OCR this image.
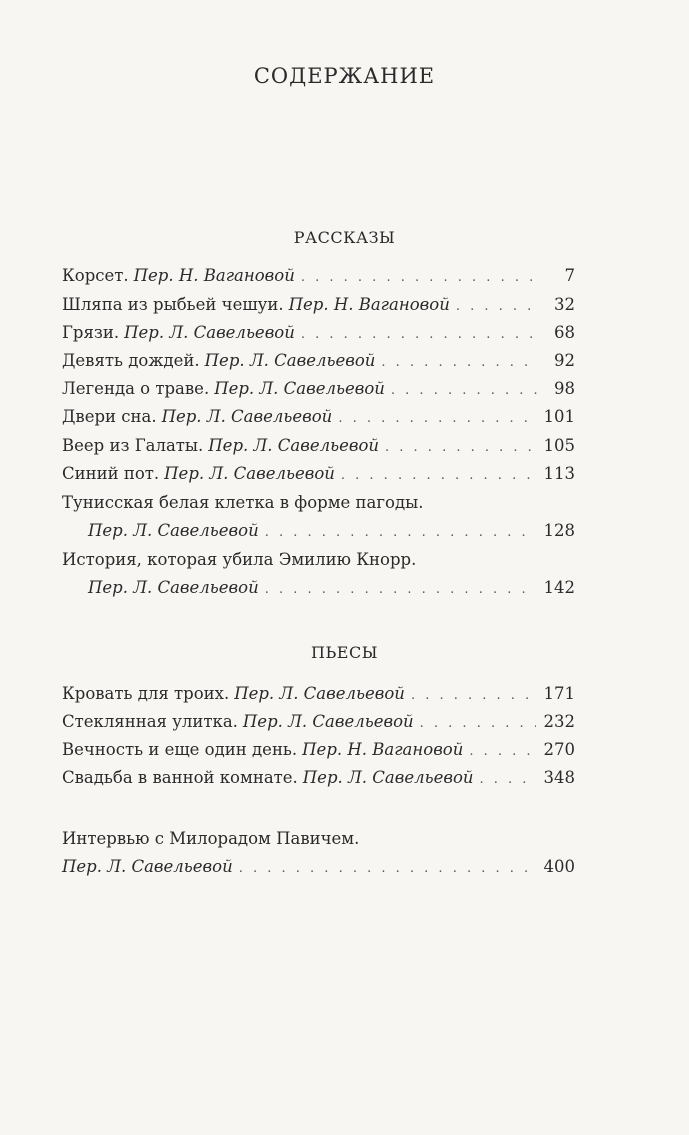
СОДЕРЖАНИЕ
РАССКАЗЫ
Корсет. Пер. Н. Вагановой . . .	7
Шляпа из рыбьей чешуи. Пер. Н. Вагановой . . .	32
Грязи. Пер. Л. Савельевой . . .	68
Девять дождей. Пер. Л. Савельевой . . .	92
Легенда о траве. Пер. Л. Савельевой . . .	98
Двери сна. Пер. Л. Савельевой . . .	101
Веер из Галаты. Пер. Л. Савельевой . . .	105
Синий пот. Пер. Л. Савельевой . . .	113
Тунисская белая клетка в форме пагоды.
Пер. Л. Савельевой . . .	128
История, которая убила Эмилию Кнорр.
Пер. Л. Савельевой . . .	142
ПЬЕСЫ
Кровать для троих. Пер. Л. Савельевой . . .	171
Стеклянная улитка. Пер. Л. Савельевой . . .	232
Вечность и еще один день. Пер. Н. Вагановой . . .	270
Свадьба в ванной комнате. Пер. Л. Савельевой . . .	348
Интервью с Милорадом Павичем.
Пер. Л. Савельевой . . .	400
